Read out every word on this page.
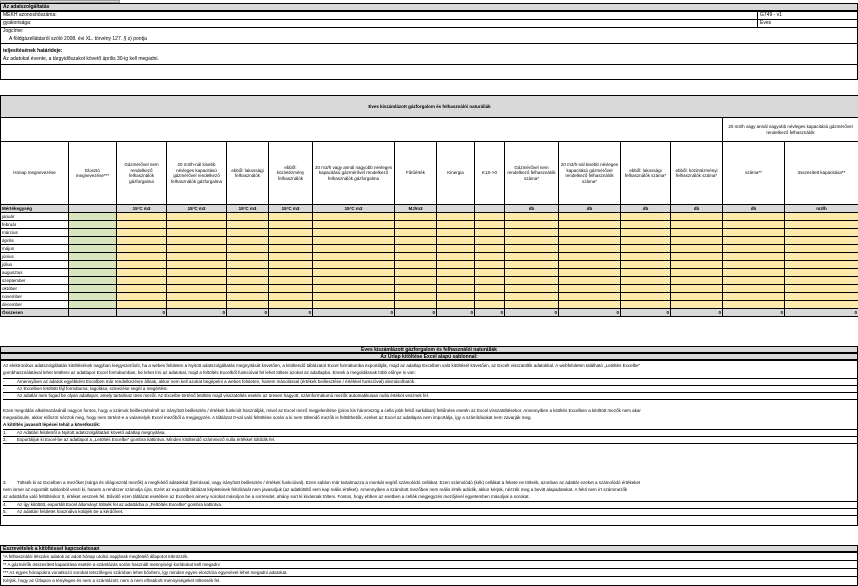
Az adatszolgáltatás
MEKH azonosítószáma:	G749 - v1
gyakorisága:	Éves
Jogcíme:
A földgázellátásról szóló 2008. évi XL. törvény 127. § s) pontja
teljesítésének határideje:
Az adatokat évente, a tárgyidőszakot követő április 30-ig kell megadni.
Éves kiszámlázott gázforgalom és felhasználói naturáliák															
														20 m3/h vagy annál nagyobb névleges kapacitású gázmérővel rendelkező felhasználók	
Hónap megnevezése	Elosztó megnevezése***	Gázmérővel nem rendelkező felhasználók gázforgalma	20 m3/h-nál kisebb névleges kapacitású gázmérővel rendelkező felhasználók gázforgalma	ebből: lakossági felhasználók	ebből: közintézmény felhasználók	20 m3/h vagy annál nagyobb névleges kapacitású gázmérővel rendelkező felhasználók gázforgalma	Fűtőérték	Kinergia	K1S->0	Gázmérővel nem rendelkező felhasználók száma*	20 m3/h-nál kisebb névleges kapacitású gázmérővel rendelkező felhasználók száma*	ebből: lakossági felhasználók száma*	ebből: közintézményi felhasználók száma*	száma**	összesített kapacitása**
Mértékegység		15°C m3	15°C m3	15°C m3	15°C m3	15°C m3	MJ/m3			db	db	db	db	db	m3/h
január															
február															
március															
április															
május															
június															
július															
augusztus															
szeptember															
október															
november															
december															
Összesen		0	0	0	0	0	0	0	0	0	0	0	0	0	0
Éves kiszámlázott gázforgalom és felhasználói naturáliák
Az Űrlap kitöltése Excel alapú sablonnal:
Az elektronikus adatszolgáltatás kitöltésének nagyban leegyszerűsíti, ha a webes felületen a Nyitott adatszolgáltatás megnyitását követően, a kitöltendő táblázatot Excel formátumba exportálják, majd az adatlap Excelben való kitöltését követően, az Excelt visszatöltik adatokkal. A webfelületen található „Letöltés Excelbe”
gombhasználatával lehet letölteni az adatlapot Excel formátumban, be lehet írni az adatokat, majd a feltöltés Excelből funkcióval fel lehet tölteni azokat az adatlapba. Ennek a megoldásnak több előnye is van:
-	Amennyiben az adatok egyébként Excelben már rendelkezésre állnak, akkor nem kell azokat begépelni a webes felületen, hanem másolással (értékek beillesztése / értékkel funkcióval) idemásolhatók.
-	Az Excelben letöltött fájl formátuma, tagolása, szinezése segíti a megértést.
-	Az adatlár nem fogad be olyan adatlapot, amely tartalmaz üres mezőt. Az Excelbe történő letöltés majd visszatöltés esetén az üresen hagyott, számformátumú mezők automatikusan nulla értéket vesznek fel.
Ezen megoldás alkalmazásánál nagyon fontos, hogy a számok beillesztésénél az irányított beillesztés / értékek funkciót használják, mivel az Excel mező megjelenítése (piros kis háromszög a cella jobb felső sarkában) feltűnése esetén az Excel visszatöltésekor. Amennyiben a kitöltés Excelben a kitöltött mezők nem akar
megvalósulni, akkor először nézzük meg, hogy nem történt-e a valamelyik Excel mezőből a megjegyzés. A táblázat 0-val való feltöltése során a ki nem töltendő mezők is feltölthetők, ezeket az Excel az adatlapra nem importálja, így a számításokat nem zavarják meg.
A kitöltés javasolt lépései tehát a következők:
1. Az Adatlári felületről a Nyitott adatszolgáltatást követő adatlap megnyitása.
2. Exportáljuk ki Excel-be az adatlapot a „Letöltés Excelbe” gombra kattintva. Minden kitöltendő számmező nulla értékkel töltődik fel.
3. Töltsék ki az Excelben a mezőket (sárga és világoszöld mezők) a megfelelő adatokkal (beírással, vagy irányított beillesztés / értékek funkcióval). Ezen sablon már tartalmazza a munkát segítő számolódó cellákat. Ezen számolódó (kék) cellákat a fekete ne töltsék, azonban az adattár ezeket a számolódó értékeket
nem ismer az exportált sablonból veszi ki, hanem a rendszer számolja újra. Ezért az exportált táblázat képleteinek felülírását nem javasoljuk (az adatkitöltő sem kap reális értéket). Amennyiben a számított mezőben nem reális érték adódik, akkor kérjük, nézzék meg a bevitt alapadatokat. A felül nem írt számmezők
az adattárba való feltöltéskor 0, értéket vesznek fel. Bővülő ezen táblázat esetében az Excelben ameny sorokat másoljon be a sorrendet, ahány sort ki kívánnak tölteni. Fontos, hogy ebben az esetben a cellák megjegyzés mezőjével egyetemben másoljuk a sorokat.
4. Az így kitöltött, exportált Excel állományt töltsék fel az adattárba a „Feltöltés Excelbe” gombra kattintva.
5. Az adattári felületet használva küldjék be a kérdőívet.
Észrevételek a kitöltéssel kapcsolatosan
*A felhasználói létszám adatok az adott hónap utolsó napjának megfelelő állapotot tükrözzék.
** A gázmérők összesített kapacitása esetén a számlázás során használt mennyiségi korlátokat kell megadni
*** Az egyes hónapokra vonatkozó sorokat tetszőleges számban lehet bővíteni, így minden egyes elosztóra egyesével lehet megadni adatokat.
Kérjük, hogy az Űrlapon a tényleges és nem a számlázott, nem a nem elhatárolt mennyiségeket töltessék fel.
